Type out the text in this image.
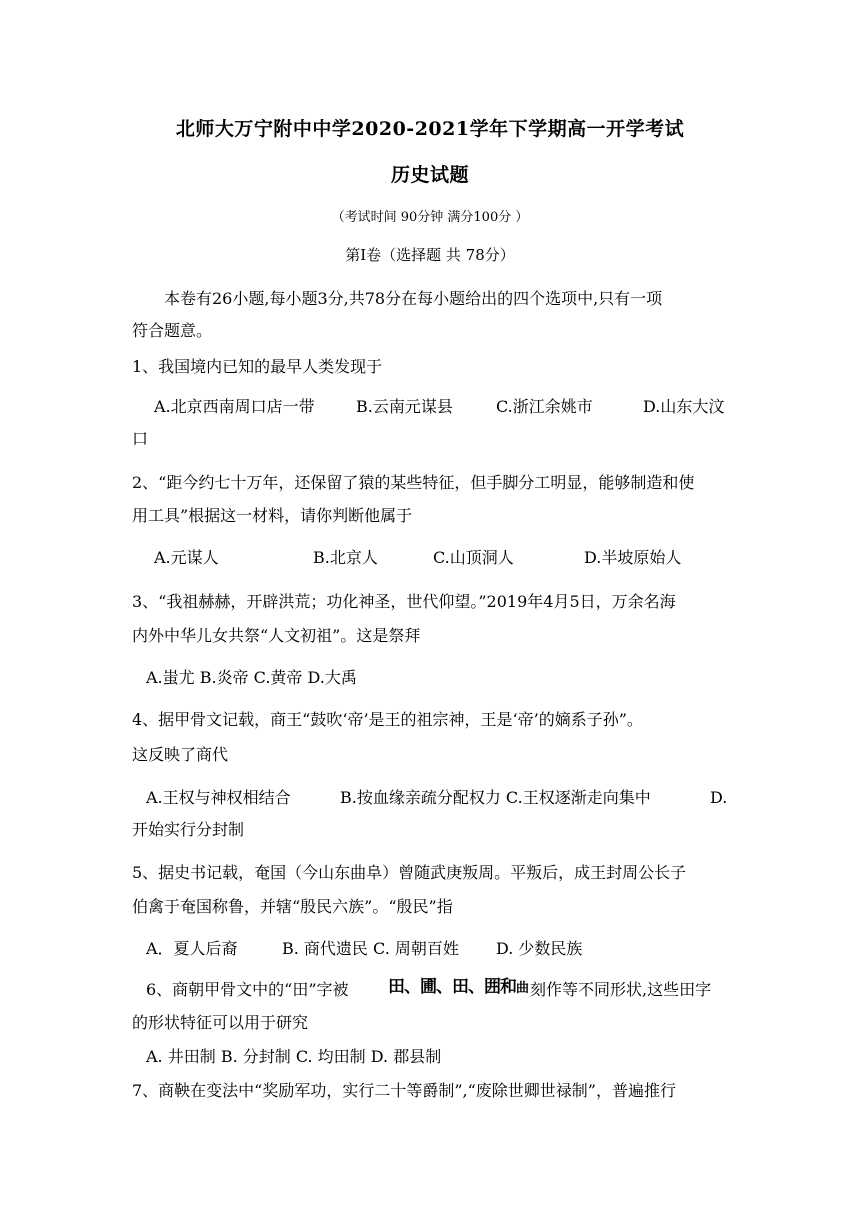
北师大万宁附中中学2020-2021学年下学期高一开学考试
历史试题
（考试时间 90分钟 满分100分 ）
第Ⅰ卷（选择题 共 78分）
本卷有26小题,每小题3分,共78分在每小题给出的四个选项中,只有一项
符合题意。
1、我国境内已知的最早人类发现于
A.北京西南周口店一带	B.云南元谋县	C.浙江余姚市	D.山东大汶
口
2、“距今约七十万年，还保留了猿的某些特征，但手脚分工明显，能够制造和使
用工具”根据这一材料，请你判断他属于
A.元谋人	B.北京人	C.山顶洞人	D.半坡原始人
3、“我祖赫赫，开辟洪荒；功化神圣，世代仰望。”2019年4月5日，万余名海
内外中华儿女共祭“人文初祖”。这是祭拜
A.蚩尤 B.炎帝 C.黄帝 D.大禹
4、据甲骨文记载，商王“鼓吹‘帝’是王的祖宗神，王是‘帝’的嫡系子孙”。
这反映了商代
A.王权与神权相结合	B.按血缘亲疏分配权力 C.王权逐渐走向集中	D.
开始实行分封制
5、据史书记载，奄国（今山东曲阜）曾随武庚叛周。平叛后，成王封周公长子
伯禽于奄国称鲁，并辖“殷民六族”。“殷民”指
A．夏人后裔	B. 商代遗民 C. 周朝百姓 D. 少数民族
6、商朝甲骨文中的“田”字被 田、圃、田、囲和曲 刻作等不同形状,这些田字
的形状特征可以用于研究
A. 井田制 B. 分封制 C. 均田制 D. 郡县制
7、商鞅在变法中“奖励军功，实行二十等爵制”,“废除世卿世禄制”，普遍推行
